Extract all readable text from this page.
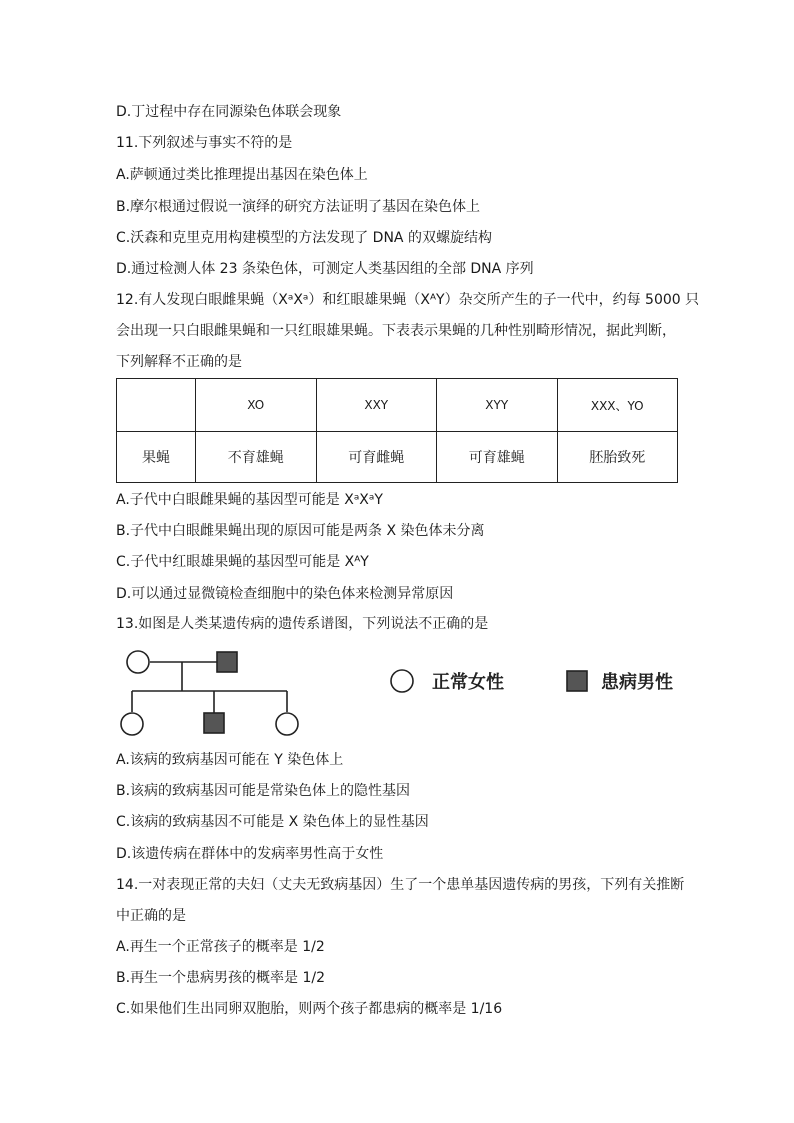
D.丁过程中存在同源染色体联会现象
11.下列叙述与事实不符的是
A.萨顿通过类比推理提出基因在染色体上
B.摩尔根通过假说一演绎的研究方法证明了基因在染色体上
C.沃森和克里克用构建模型的方法发现了 DNA 的双螺旋结构
D.通过检测人体 23 条染色体，可测定人类基因组的全部 DNA 序列
12.有人发现白眼雌果蝇（XᵃXᵃ）和红眼雄果蝇（XᴬY）杂交所产生的子一代中，约每 5000 只
会出现一只白眼雌果蝇和一只红眼雄果蝇。下表表示果蝇的几种性别畸形情况，据此判断，
下列解释不正确的是
	XO	XXY	XYY	XXX、YO
果蝇	不育雄蝇	可育雌蝇	可育雄蝇	胚胎致死
A.子代中白眼雌果蝇的基因型可能是 XᵃXᵃY
B.子代中白眼雌果蝇出现的原因可能是两条 X 染色体未分离
C.子代中红眼雄果蝇的基因型可能是 XᴬY
D.可以通过显微镜检查细胞中的染色体来检测异常原因
13.如图是人类某遗传病的遗传系谱图，下列说法不正确的是
正常女性	患病男性
A.该病的致病基因可能在 Y 染色体上
B.该病的致病基因可能是常染色体上的隐性基因
C.该病的致病基因不可能是 X 染色体上的显性基因
D.该遗传病在群体中的发病率男性高于女性
14.一对表现正常的夫妇（丈夫无致病基因）生了一个患单基因遗传病的男孩，下列有关推断
中正确的是
A.再生一个正常孩子的概率是 1/2
B.再生一个患病男孩的概率是 1/2
C.如果他们生出同卵双胞胎，则两个孩子都患病的概率是 1/16
